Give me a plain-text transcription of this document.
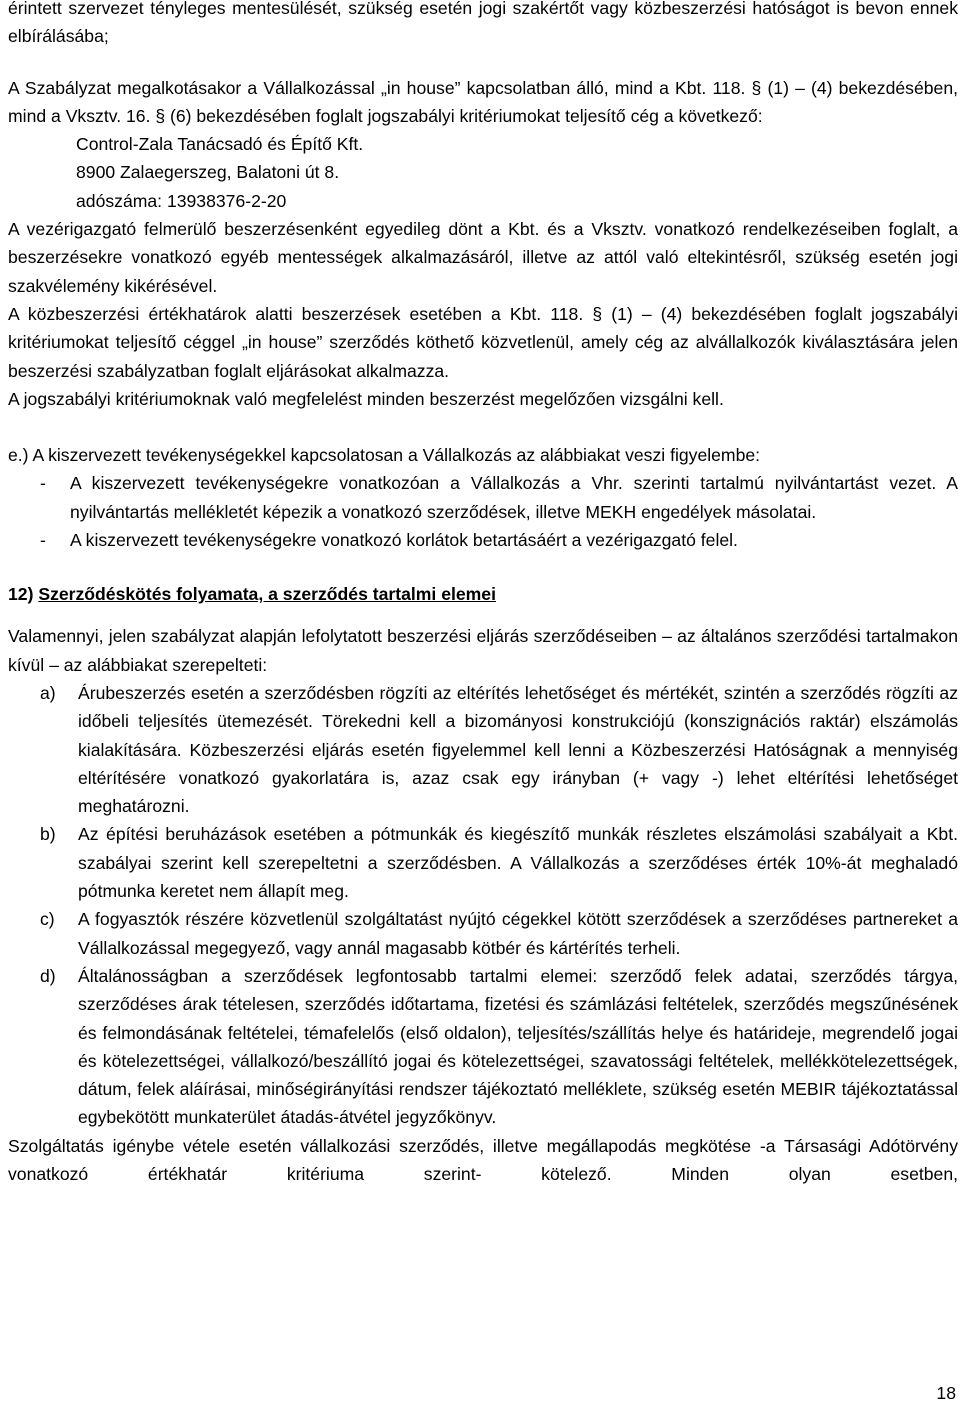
érintett szervezet tényleges mentesülését, szükség esetén jogi szakértőt vagy közbeszerzési hatóságot is bevon ennek elbírálásába;

A Szabályzat megalkotásakor a Vállalkozással „in house” kapcsolatban álló, mind a Kbt. 118. § (1) – (4) bekezdésében, mind a Vksztv. 16. § (6) bekezdésében foglalt jogszabályi kritériumokat teljesítő cég a következő:

Control-Zala Tanácsadó és Építő Kft.

8900 Zalaegerszeg, Balatoni út 8.

adószáma: 13938376-2-20

A vezérigazgató felmerülő beszerzésenként egyedileg dönt a Kbt. és a Vksztv. vonatkozó rendelkezéseiben foglalt, a beszerzésekre vonatkozó egyéb mentességek alkalmazásáról, illetve az attól való eltekintésről, szükség esetén jogi szakvélemény kikérésével.

A közbeszerzési értékhatárok alatti beszerzések esetében a Kbt. 118. § (1) – (4) bekezdésében foglalt jogszabályi kritériumokat teljesítő céggel „in house” szerződés köthető közvetlenül, amely cég az alvállalkozók kiválasztására jelen beszerzési szabályzatban foglalt eljárásokat alkalmazza.

A jogszabályi kritériumoknak való megfelelést minden beszerzést megelőzően vizsgálni kell.

e.) A kiszervezett tevékenységekkel kapcsolatosan a Vállalkozás az alábbiakat veszi figyelembe:

-	A kiszervezett tevékenységekre vonatkozóan a Vállalkozás a Vhr. szerinti tartalmú nyilvántartást vezet. A nyilvántartás mellékletét képezik a vonatkozó szerződések, illetve MEKH engedélyek másolatai.

-	A kiszervezett tevékenységekre vonatkozó korlátok betartásáért a vezérigazgató felel.

12) Szerződéskötés folyamata, a szerződés tartalmi elemei

Valamennyi, jelen szabályzat alapján lefolytatott beszerzési eljárás szerződéseiben – az általános szerződési tartalmakon kívül – az alábbiakat szerepelteti:

a)	Árubeszerzés esetén a szerződésben rögzíti az eltérítés lehetőséget és mértékét, szintén a szerződés rögzíti az időbeli teljesítés ütemezését. Törekedni kell a bizományosi konstrukciójú (konszignációs raktár) elszámolás kialakítására. Közbeszerzési eljárás esetén figyelemmel kell lenni a Közbeszerzési Hatóságnak a mennyiség eltérítésére vonatkozó gyakorlatára is, azaz csak egy irányban (+ vagy -) lehet eltérítési lehetőséget meghatározni.

b)	Az építési beruházások esetében a pótmunkák és kiegészítő munkák részletes elszámolási szabályait a Kbt. szabályai szerint kell szerepeltetni a szerződésben. A Vállalkozás a szerződéses érték 10%-át meghaladó pótmunka keretet nem állapít meg.

c)	A fogyasztók részére közvetlenül szolgáltatást nyújtó cégekkel kötött szerződések a szerződéses partnereket a Vállalkozással megegyező, vagy annál magasabb kötbér és kártérítés terheli.

d)	Általánosságban a szerződések legfontosabb tartalmi elemei: szerződő felek adatai, szerződés tárgya, szerződéses árak tételesen, szerződés időtartama, fizetési és számlázási feltételek, szerződés megszűnésének és felmondásának feltételei, témafelelős (első oldalon), teljesítés/szállítás helye és határideje, megrendelő jogai és kötelezettségei, vállalkozó/beszállító jogai és kötelezettségei, szavatossági feltételek, mellékkötelezettségek, dátum, felek aláírásai, minőségirányítási rendszer tájékoztató melléklete, szükség esetén MEBIR tájékoztatással egybekötött munkaterület átadás-átvétel jegyzőkönyv.

Szolgáltatás igénybe vétele esetén vállalkozási szerződés, illetve megállapodás megkötése -a Társasági Adótörvény vonatkozó értékhatár kritériuma szerint- kötelező. Minden olyan esetben,

18
